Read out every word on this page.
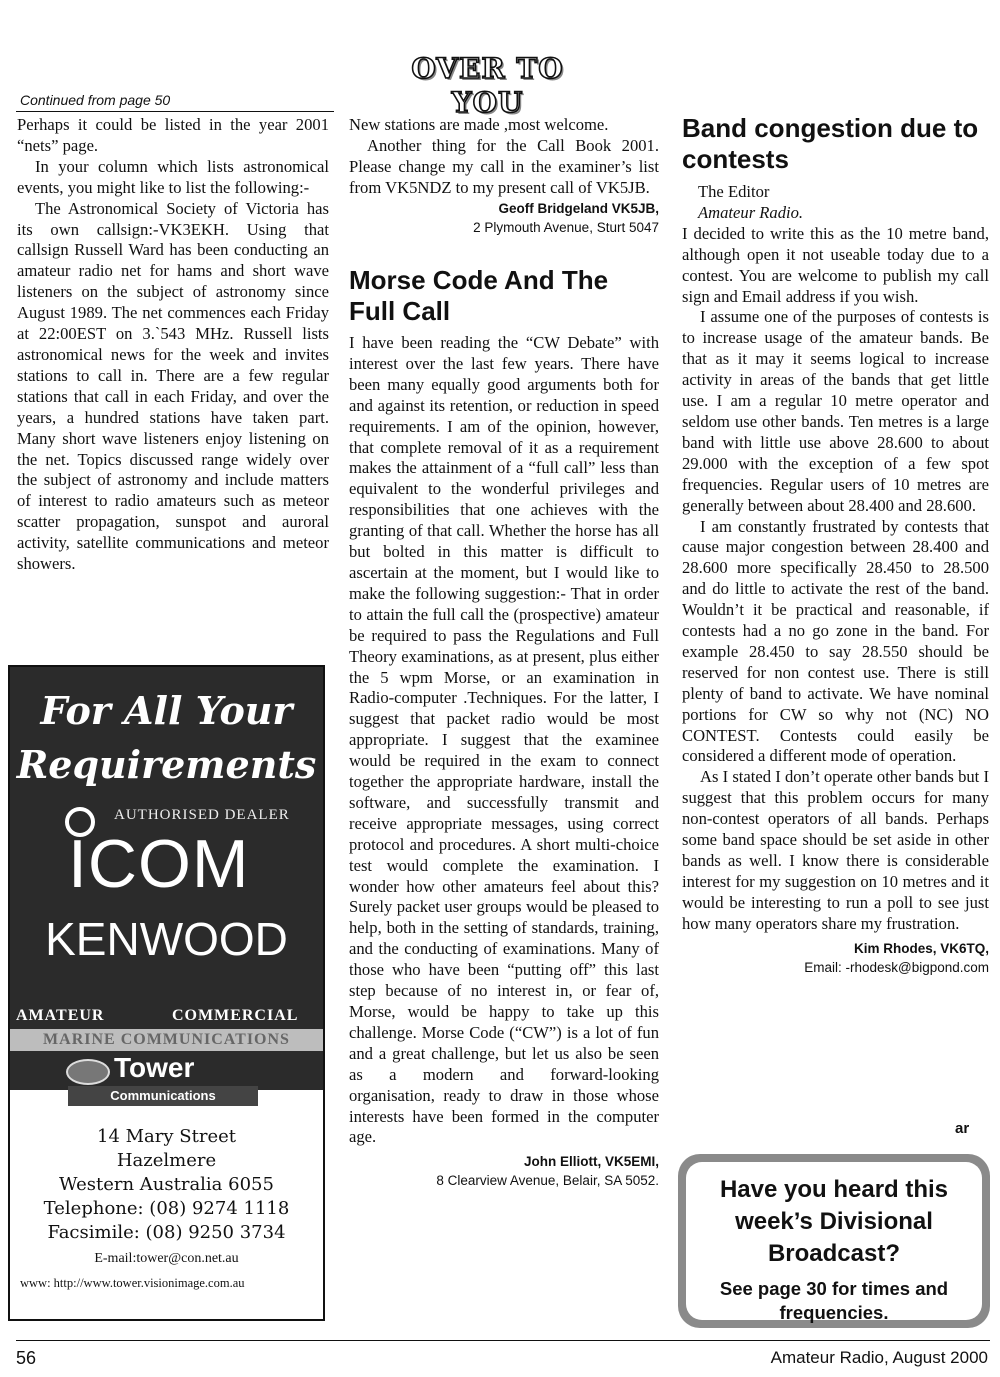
OVER TO YOU
Continued from page 50

Perhaps it could be listed in the year 2001 “nets” page.

In your column which lists astronomical events, you might like to list the following:-

The Astronomical Society of Victoria has its own callsign:-VK3EKH. Using that callsign Russell Ward has been conducting an amateur radio net for hams and short wave listeners on the subject of astronomy since August 1989. The net commences each Friday at 22:00EST on 3.`543 MHz. Russell lists astronomical news for the week and invites stations to call in. There are a few regular stations that call in each Friday, and over the years, a hundred stations have taken part. Many short wave listeners enjoy listening on the net. Topics discussed range widely over the subject of astronomy and include matters of interest to radio amateurs such as meteor scatter propagation, sunspot and auroral activity, satellite communications and meteor showers.

For All Your
Requirements
AUTHORISED DEALER
ICOM
KENWOOD
AMATEUR	COMMERCIAL
MARINE COMMUNICATIONS
Tower
Communications
14 Mary Street
Hazelmere
Western Australia 6055
Telephone: (08) 9274 1118
Facsimile: (08) 9250 3734
E-mail:tower@con.net.au
www: http://www.tower.visionimage.com.au

New stations are made ,most welcome.

Another thing for the Call Book 2001. Please change my call in the examiner’s list from VK5NDZ to my present call of VK5JB.

Geoff Bridgeland VK5JB,
2 Plymouth Avenue, Sturt 5047
Morse Code And The Full Call

I have been reading the “CW Debate” with interest over the last few years. There have been many equally good arguments both for and against its retention, or reduction in speed requirements. I am of the opinion, however, that complete removal of it as a requirement makes the attainment of a “full call” less than equivalent to the wonderful privileges and responsibilities that one achieves with the granting of that call. Whether the horse has all but bolted in this matter is difficult to ascertain at the moment, but I would like to make the following suggestion:- That in order to attain the full call the (prospective) amateur be required to pass the Regulations and Full Theory examinations, as at present, plus either the 5 wpm Morse, or an examination in Radio-computer .Techniques. For the latter, I suggest that packet radio would be most appropriate. I suggest that the examinee would be required in the exam to connect together the appropriate hardware, install the software, and successfully transmit and receive appropriate messages, using correct protocol and procedures. A short multi-choice test would complete the examination. I wonder how other amateurs feel about this? Surely packet user groups would be pleased to help, both in the setting of standards, training, and the conducting of examinations. Many of those who have been “putting off” this last step because of no interest in, or fear of, Morse, would be happy to take up this challenge. Morse Code (“CW”) is a lot of fun and a great challenge, but let us also be seen as a modern and forward-looking organisation, ready to draw in those whose interests have been formed in the computer age.

John Elliott, VK5EMI,
8 Clearview Avenue, Belair, SA 5052.
Band congestion due to contests

The Editor

Amateur Radio.

I decided to write this as the 10 metre band, although open it not useable today due to a contest. You are welcome to publish my call sign and Email address if you wish.

I assume one of the purposes of contests is to increase usage of the amateur bands. Be that as it may it seems logical to increase activity in areas of the bands that get little use. I am a regular 10 metre operator and seldom use other bands. Ten metres is a large band with little use above 28.600 to about 29.000 with the exception of a few spot frequencies. Regular users of 10 metres are generally between about 28.400 and 28.600.

I am constantly frustrated by contests that cause major congestion between 28.400 and 28.600 more specifically 28.450 to 28.500 and do little to activate the rest of the band. Wouldn’t it be practical and reasonable, if contests had a no go zone in the band. For example 28.450 to say 28.550 should be reserved for non contest use. There is still plenty of band to activate. We have nominal portions for CW so why not (NC) NO CONTEST. Contests could easily be considered a different mode of operation.

As I stated I don’t operate other bands but I suggest that this problem occurs for many non-contest operators of all bands. Perhaps some band space should be set aside in other bands as well. I know there is considerable interest for my suggestion on 10 metres and it would be interesting to run a poll to see just how many operators share my frustration.

Kim Rhodes, VK6TQ,
Email: -rhodesk@bigpond.com
ar
Have you heard this week’s Divisional Broadcast?
See page 30 for times and frequencies.
56	Amateur Radio, August 2000
